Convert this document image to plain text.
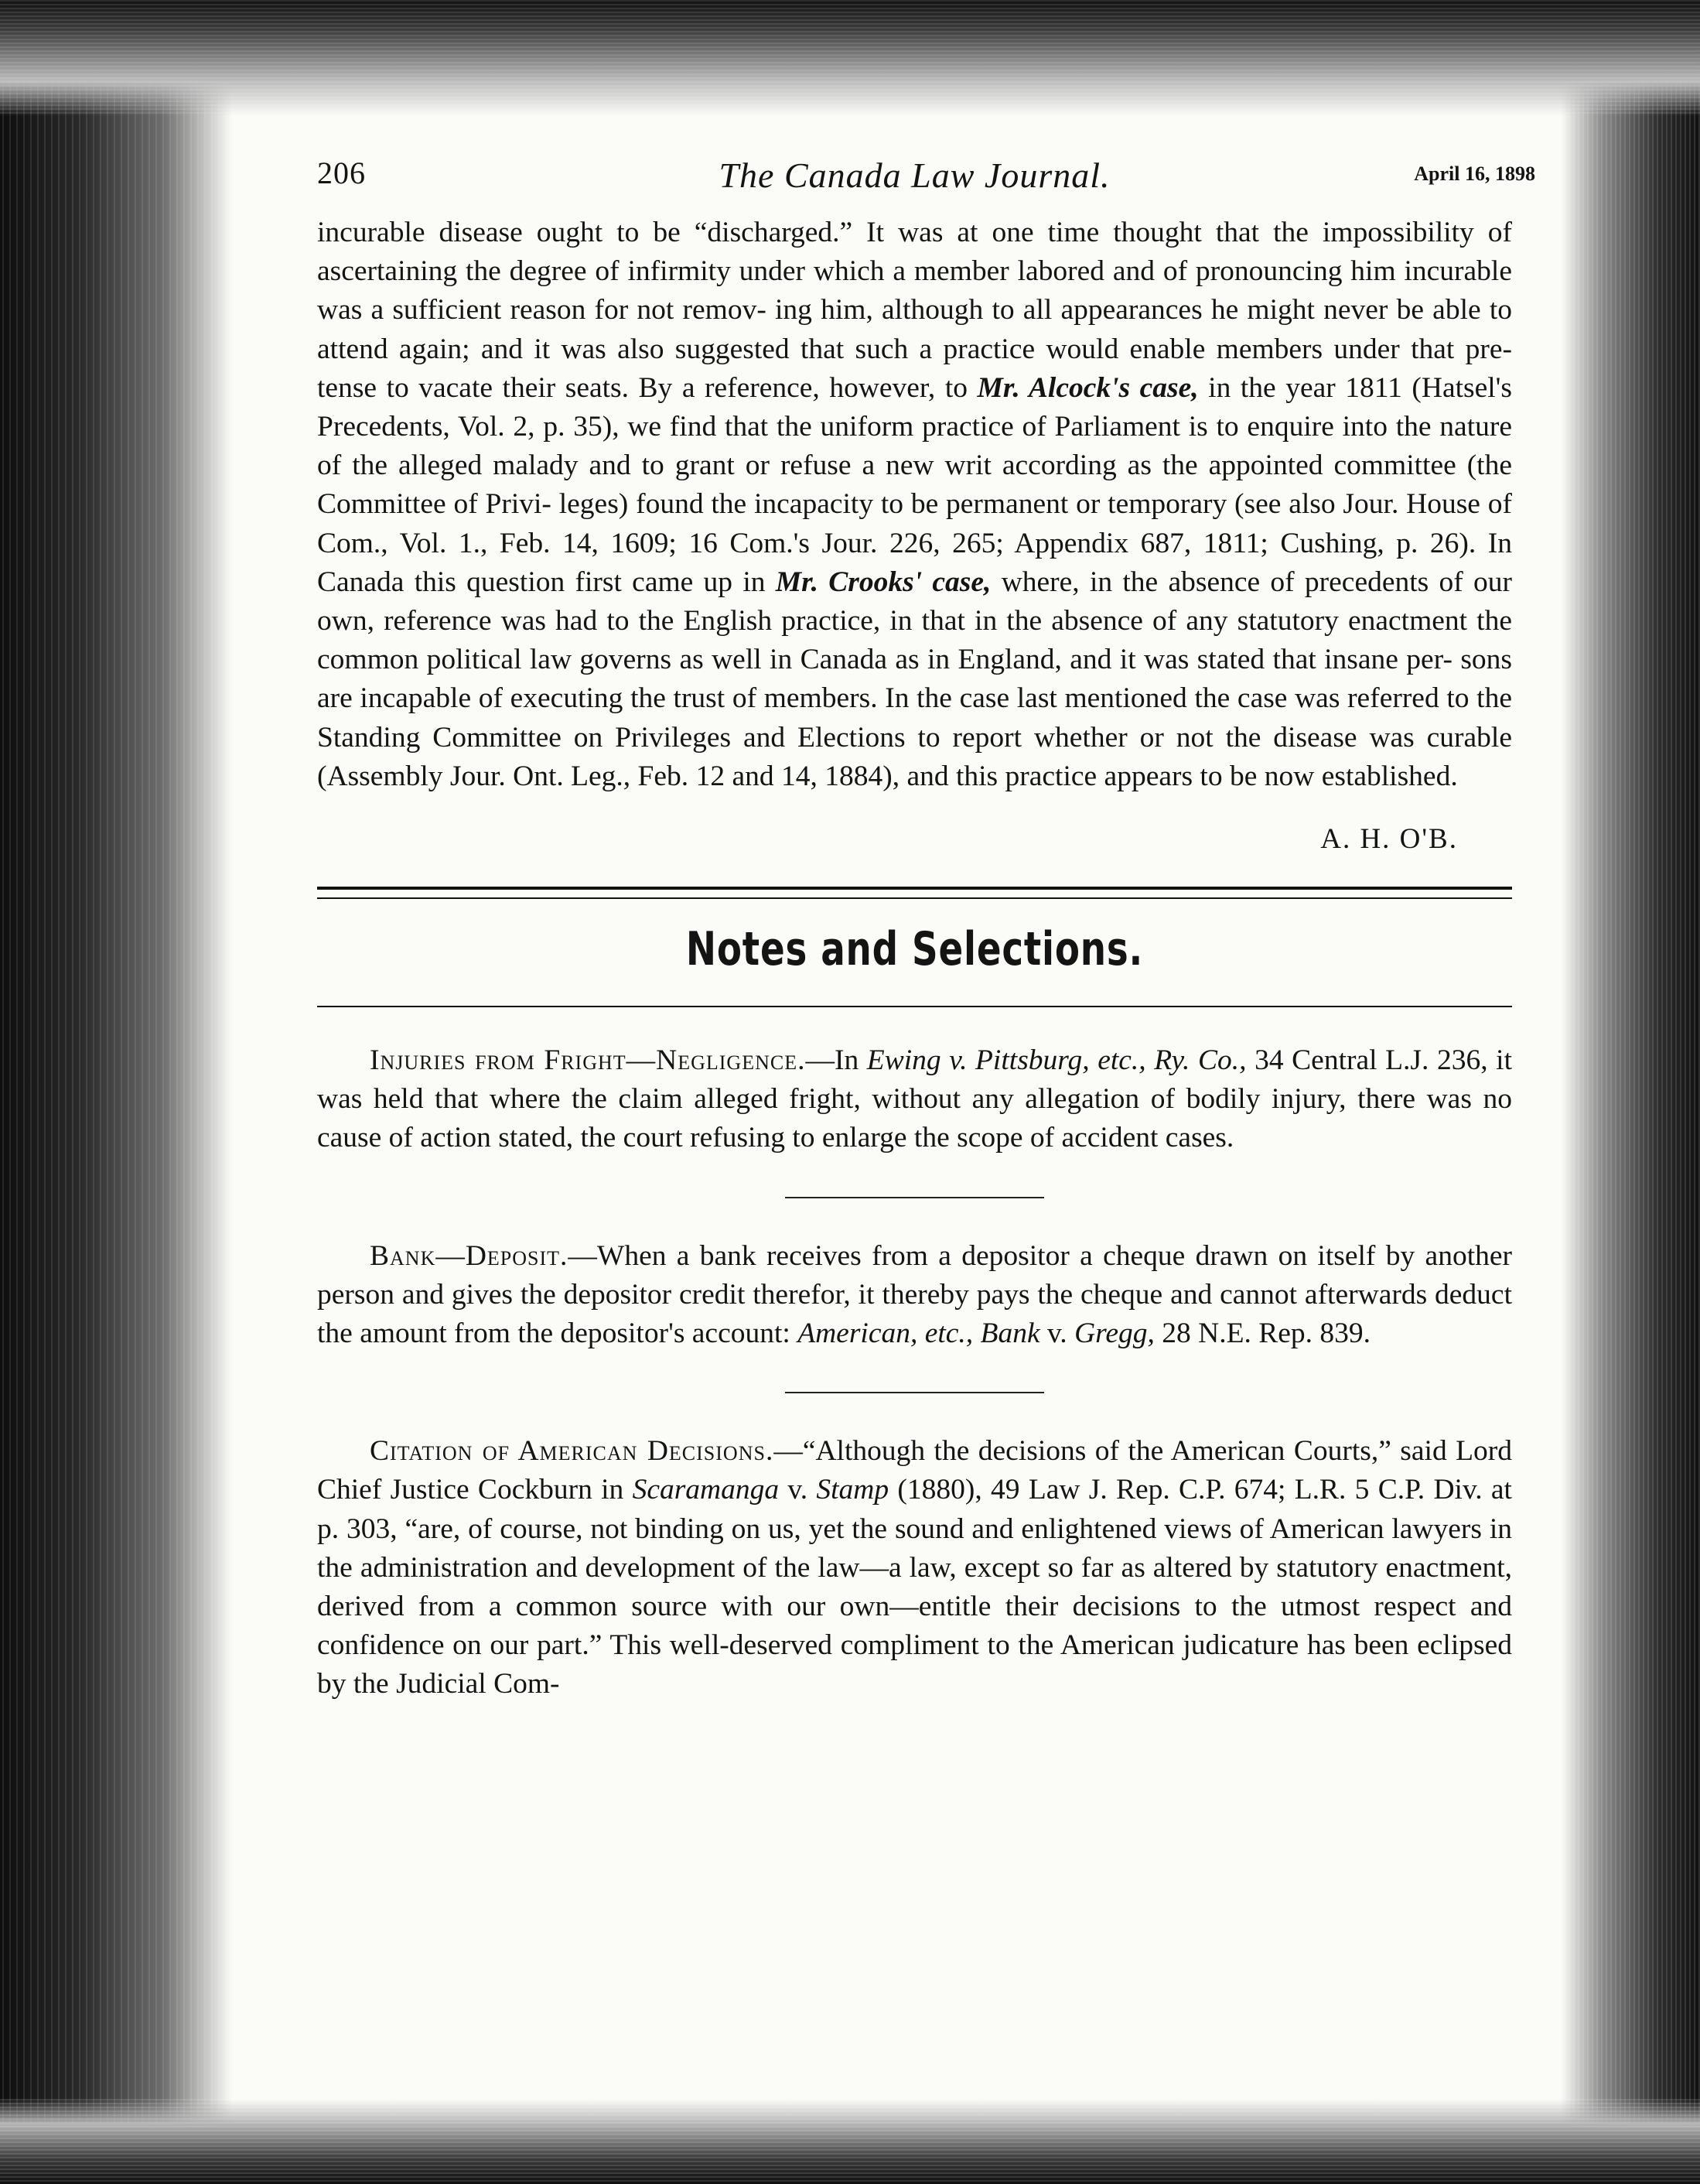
206	The Canada Law Journal.	April 16, 1898

incurable disease ought to be “discharged.” It was at one time thought that the impossibility of ascertaining the degree of infirmity under which a member labored and of pronouncing him incurable was a sufficient reason for not remov- ing him, although to all appearances he might never be able to attend again; and it was also suggested that such a practice would enable members under that pre- tense to vacate their seats. By a reference, however, to Mr. Alcock's case, in the year 1811 (Hatsel's Precedents, Vol. 2, p. 35), we find that the uniform practice of Parliament is to enquire into the nature of the alleged malady and to grant or refuse a new writ according as the appointed committee (the Committee of Privi- leges) found the incapacity to be permanent or temporary (see also Jour. House of Com., Vol. 1., Feb. 14, 1609; 16 Com.'s Jour. 226, 265; Appendix 687, 1811; Cushing, p. 26). In Canada this question first came up in Mr. Crooks' case, where, in the absence of precedents of our own, reference was had to the English practice, in that in the absence of any statutory enactment the common political law governs as well in Canada as in England, and it was stated that insane per- sons are incapable of executing the trust of members. In the case last mentioned the case was referred to the Standing Committee on Privileges and Elections to report whether or not the disease was curable (Assembly Jour. Ont. Leg., Feb. 12 and 14, 1884), and this practice appears to be now established.

A. H. O'B.
Notes and Selections.

Injuries from Fright—Negligence.—In Ewing v. Pittsburg, etc., Ry. Co., 34 Central L.J. 236, it was held that where the claim alleged fright, without any allegation of bodily injury, there was no cause of action stated, the court refusing to enlarge the scope of accident cases.

Bank—Deposit.—When a bank receives from a depositor a cheque drawn on itself by another person and gives the depositor credit therefor, it thereby pays the cheque and cannot afterwards deduct the amount from the depositor's account: American, etc., Bank v. Gregg, 28 N.E. Rep. 839.

Citation of American Decisions.—“Although the decisions of the American Courts,” said Lord Chief Justice Cockburn in Scaramanga v. Stamp (1880), 49 Law J. Rep. C.P. 674; L.R. 5 C.P. Div. at p. 303, “are, of course, not binding on us, yet the sound and enlightened views of American lawyers in the administration and development of the law—a law, except so far as altered by statutory enactment, derived from a common source with our own—entitle their decisions to the utmost respect and confidence on our part.” This well-deserved compliment to the American judicature has been eclipsed by the Judicial Com-
